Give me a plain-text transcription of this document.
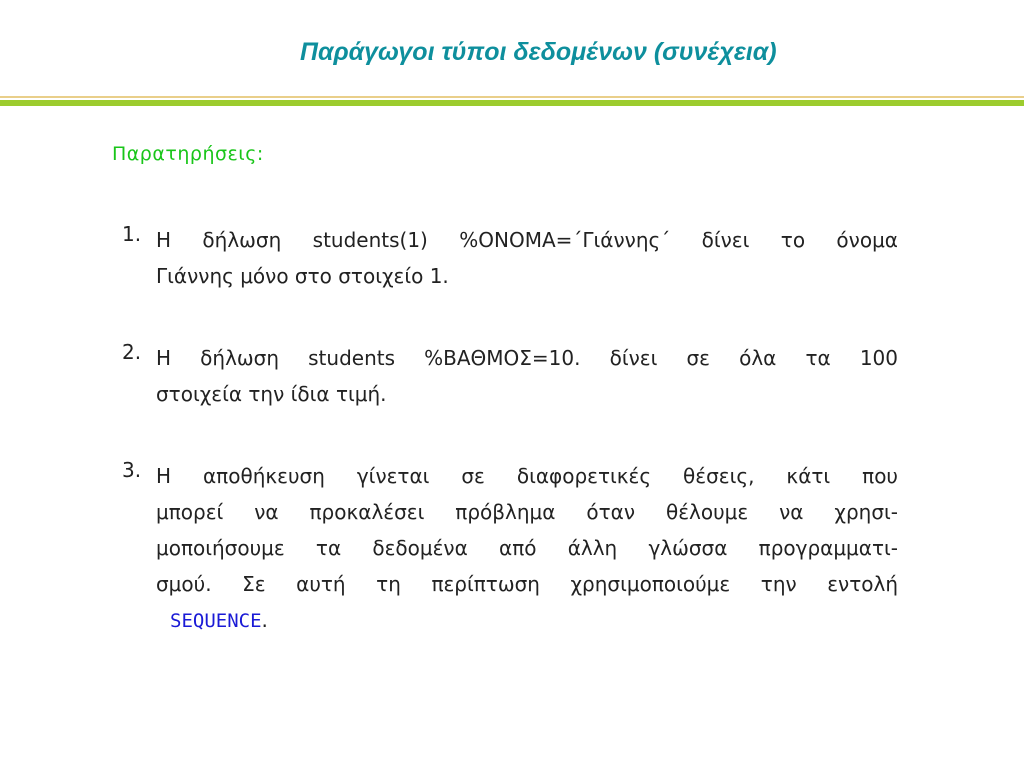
Παράγωγοι τύποι δεδομένων (συνέχεια)
Παρατηρήσεις:
1. Η δήλωση students(1) %ONOMA=΄Γιάννης΄ δίνει το όνομα
Γιάννης μόνο στο στοιχείο 1.
2. Η δήλωση students %ΒΑΘΜΟΣ=10. δίνει σε όλα τα 100
στοιχεία την ίδια τιμή.
3. Η αποθήκευση γίνεται σε διαφορετικές θέσεις, κάτι που
μπορεί να προκαλέσει πρόβλημα όταν θέλουμε να χρησι-
μοποιήσουμε τα δεδομένα από άλλη γλώσσα προγραμματι-
σμού. Σε αυτή τη περίπτωση χρησιμοποιούμε την εντολή
SEQUENCE.
